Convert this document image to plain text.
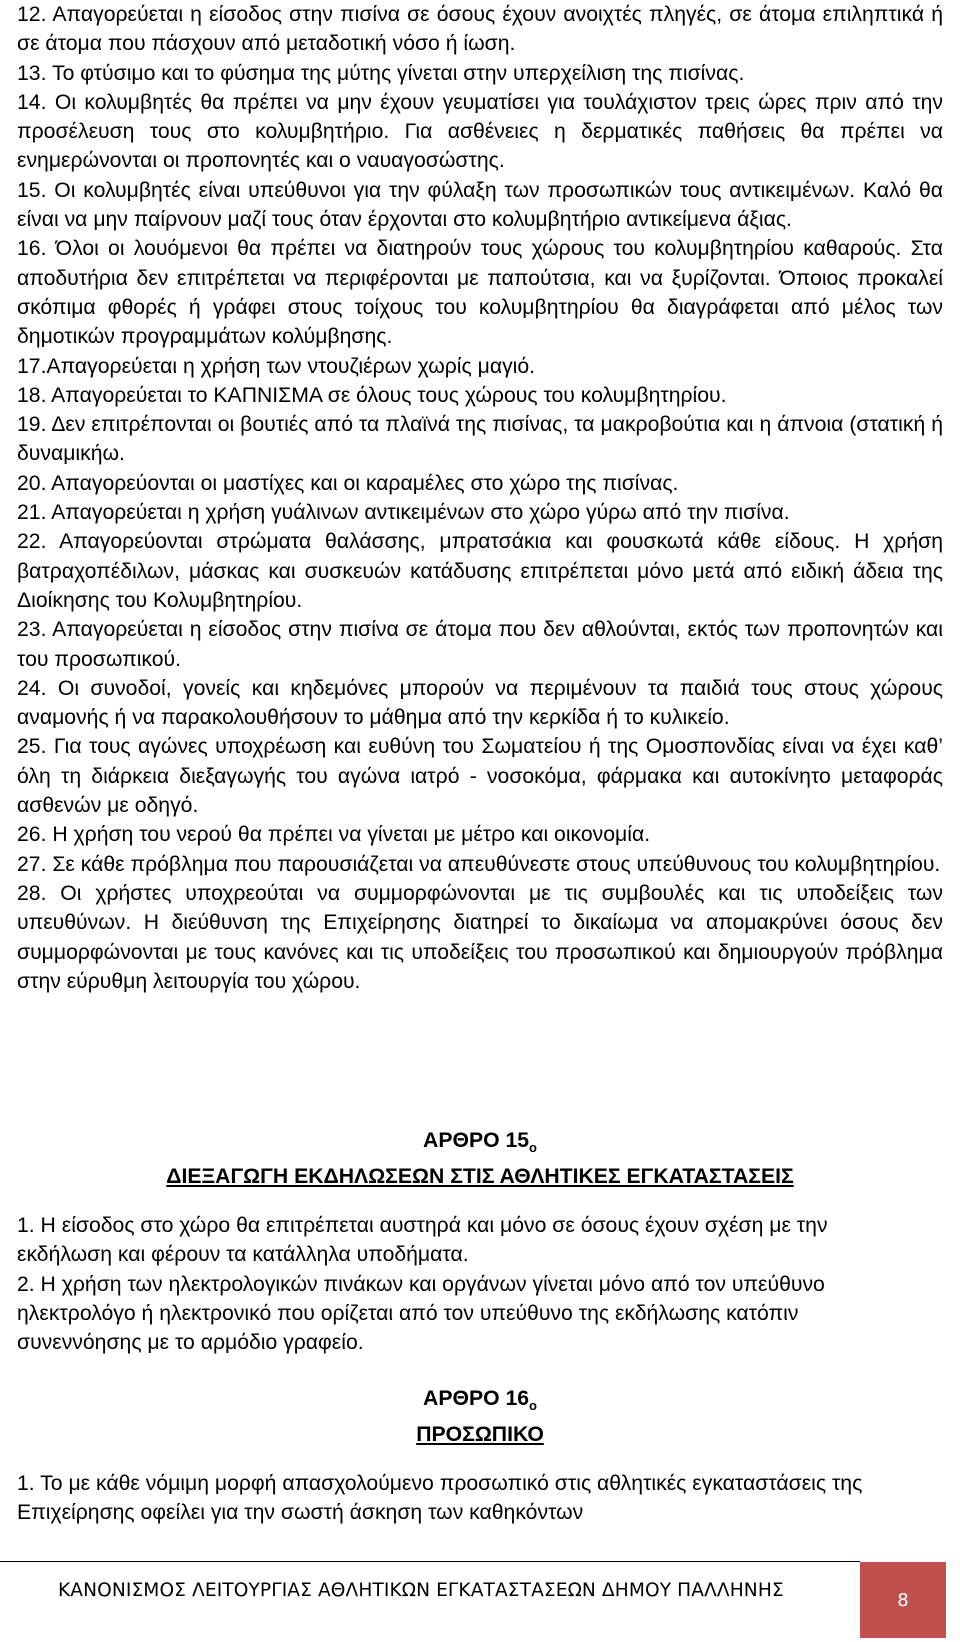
12. Απαγορεύεται η είσοδος στην πισίνα σε όσους έχουν ανοιχτές πληγές, σε άτομα επιληπτικά ή σε άτομα που πάσχουν από μεταδοτική νόσο ή ίωση.

13. Το φτύσιμο και το φύσημα της μύτης γίνεται στην υπερχείλιση της πισίνας.

14. Οι κολυμβητές θα πρέπει να μην έχουν γευματίσει για τουλάχιστον τρεις ώρες πριν από την προσέλευση τους στο κολυμβητήριο. Για ασθένειες η δερματικές παθήσεις θα πρέπει να ενημερώνονται οι προπονητές και ο ναυαγοσώστης.

15. Οι κολυμβητές είναι υπεύθυνοι για την φύλαξη των προσωπικών τους αντικειμένων. Καλό θα είναι να μην παίρνουν μαζί τους όταν έρχονται στο κολυμβητήριο αντικείμενα άξιας.

16. Όλοι οι λουόμενοι θα πρέπει να διατηρούν τους χώρους του κολυμβητηρίου καθαρούς. Στα αποδυτήρια δεν επιτρέπεται να περιφέρονται με παπούτσια, και να ξυρίζονται. Όποιος προκαλεί σκόπιμα φθορές ή γράφει στους τοίχους του κολυμβητηρίου θα διαγράφεται από μέλος των δημοτικών προγραμμάτων κολύμβησης.

17.Απαγορεύεται η χρήση των ντουζιέρων χωρίς μαγιό.

18. Απαγορεύεται το ΚΑΠΝΙΣΜΑ σε όλους τους χώρους του κολυμβητηρίου.

19. Δεν επιτρέπονται οι βουτιές από τα πλαϊνά της πισίνας, τα μακροβούτια και η άπνοια (στατική ή δυναμικήω.

20. Απαγορεύονται οι μαστίχες και οι καραμέλες στο χώρο της πισίνας.

21. Απαγορεύεται η χρήση γυάλινων αντικειμένων στο χώρο γύρω από την πισίνα.

22. Απαγορεύονται στρώματα θαλάσσης, μπρατσάκια και φουσκωτά κάθε είδους. Η χρήση βατραχοπέδιλων, μάσκας και συσκευών κατάδυσης επιτρέπεται μόνο μετά από ειδική άδεια της Διοίκησης του Κολυμβητηρίου.

23. Απαγορεύεται η είσοδος στην πισίνα σε άτομα που δεν αθλούνται, εκτός των προπονητών και του προσωπικού.

24. Οι συνοδοί, γονείς και κηδεμόνες μπορούν να περιμένουν τα παιδιά τους στους χώρους αναμονής ή να παρακολουθήσουν το μάθημα από την κερκίδα ή το κυλικείο.

25. Για τους αγώνες υποχρέωση και ευθύνη του Σωματείου ή της Ομοσπονδίας είναι να έχει καθ’ όλη τη διάρκεια διεξαγωγής του αγώνα ιατρό - νοσοκόμα, φάρμακα και αυτοκίνητο μεταφοράς ασθενών με οδηγό.

26. Η χρήση του νερού θα πρέπει να γίνεται με μέτρο και οικονομία.

27. Σε κάθε πρόβλημα που παρουσιάζεται να απευθύνεστε στους υπεύθυνους του κολυμβητηρίου.

28. Οι χρήστες υποχρεούται να συμμορφώνονται με τις συμβουλές και τις υποδείξεις των υπευθύνων. Η διεύθυνση της Επιχείρησης διατηρεί το δικαίωμα να απομακρύνει όσους δεν συμμορφώνονται με τους κανόνες και τις υποδείξεις του προσωπικού και δημιουργούν πρόβλημα στην εύρυθμη λειτουργία του χώρου.

ΑΡΘΡΟ $15_o$
ΔΙΕΞΑΓΩΓΗ ΕΚΔΗΛΩΣΕΩΝ ΣΤΙΣ ΑΘΛΗΤΙΚΕΣ ΕΓΚΑΤΑΣΤΑΣΕΙΣ

1. Η είσοδος στο χώρο θα επιτρέπεται αυστηρά και μόνο σε όσους έχουν σχέση με την εκδήλωση και φέρουν τα κατάλληλα υποδήματα.

2. Η χρήση των ηλεκτρολογικών πινάκων και οργάνων γίνεται μόνο από τον υπεύθυνο ηλεκτρολόγο ή ηλεκτρονικό που ορίζεται από τον υπεύθυνο της εκδήλωσης κατόπιν συνεννόησης με το αρμόδιο γραφείο.

ΑΡΘΡΟ $16_o$
ΠΡΟΣΩΠΙΚΟ

1. Το με κάθε νόμιμη μορφή απασχολούμενο προσωπικό στις αθλητικές εγκαταστάσεις της Επιχείρησης οφείλει για την σωστή άσκηση των καθηκόντων

ΚΑΝΟΝΙΣΜΟΣ ΛΕΙΤΟΥΡΓΙΑΣ ΑΘΛΗΤΙΚΩΝ ΕΓΚΑΤΑΣΤΑΣΕΩΝ ΔΗΜΟΥ ΠΑΛΛΗΝΗΣ	8
